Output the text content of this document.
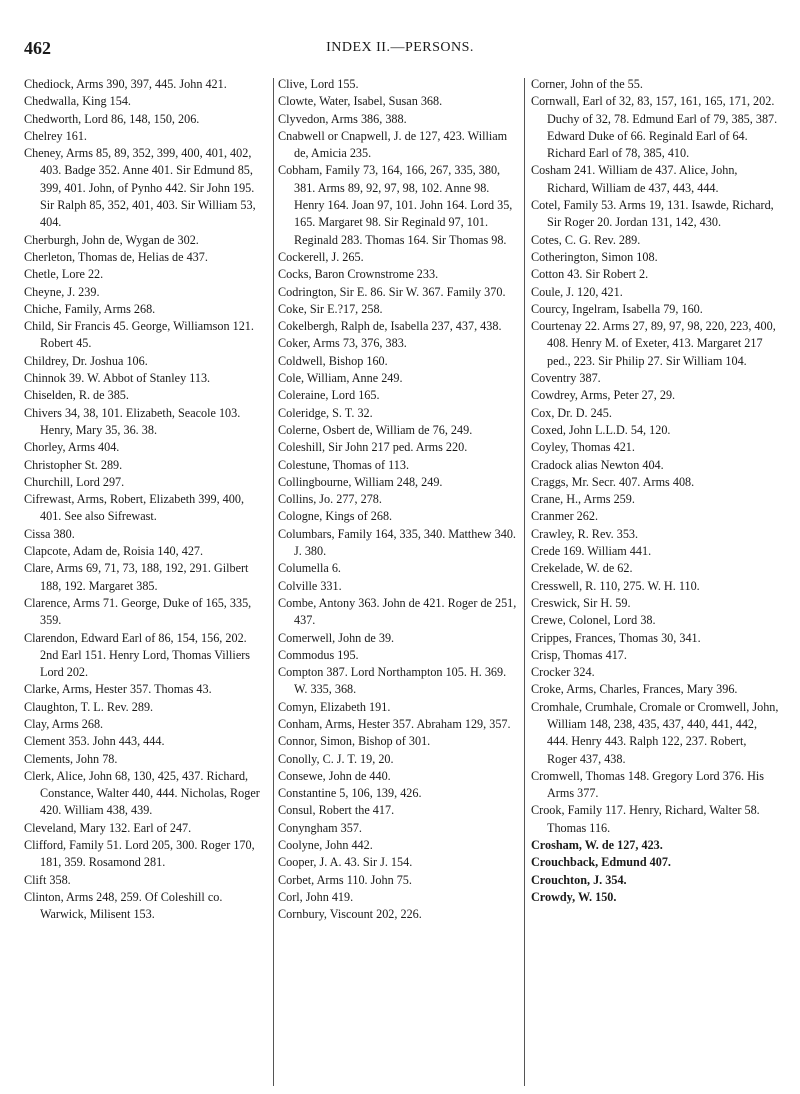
462	INDEX II.—PERSONS.

Chediock, Arms 390, 397, 445. John 421.

Chedwalla, King 154.

Chedworth, Lord 86, 148, 150, 206.

Chelrey 161.

Cheney, Arms 85, 89, 352, 399, 400, 401, 402, 403. Badge 352. Anne 401. Sir Edmund 85, 399, 401. John, of Pynho 442. Sir John 195. Sir Ralph 85, 352, 401, 403. Sir William 53, 404.

Cherburgh, John de, Wygan de 302.

Cherleton, Thomas de, Helias de 437.

Chetle, Lore 22.

Cheyne, J. 239.

Chiche, Family, Arms 268.

Child, Sir Francis 45. George, Williamson 121. Robert 45.

Childrey, Dr. Joshua 106.

Chinnok 39. W. Abbot of Stanley 113.

Chiselden, R. de 385.

Chivers 34, 38, 101. Elizabeth, Seacole 103. Henry, Mary 35, 36. 38.

Chorley, Arms 404.

Christopher St. 289.

Churchill, Lord 297.

Cifrewast, Arms, Robert, Elizabeth 399, 400, 401. See also Sifrewast.

Cissa 380.

Clapcote, Adam de, Roisia 140, 427.

Clare, Arms 69, 71, 73, 188, 192, 291. Gilbert 188, 192. Margaret 385.

Clarence, Arms 71. George, Duke of 165, 335, 359.

Clarendon, Edward Earl of 86, 154, 156, 202. 2nd Earl 151. Henry Lord, Thomas Villiers Lord 202.

Clarke, Arms, Hester 357. Thomas 43.

Claughton, T. L. Rev. 289.

Clay, Arms 268.

Clement 353. John 443, 444.

Clements, John 78.

Clerk, Alice, John 68, 130, 425, 437. Richard, Constance, Walter 440, 444. Nicholas, Roger 420. William 438, 439.

Cleveland, Mary 132. Earl of 247.

Clifford, Family 51. Lord 205, 300. Roger 170, 181, 359. Rosamond 281.

Clift 358.

Clinton, Arms 248, 259. Of Coleshill co. Warwick, Milisent 153.

Clive, Lord 155.

Clowte, Water, Isabel, Susan 368.

Clyvedon, Arms 386, 388.

Cnabwell or Cnapwell, J. de 127, 423. William de, Amicia 235.

Cobham, Family 73, 164, 166, 267, 335, 380, 381. Arms 89, 92, 97, 98, 102. Anne 98. Henry 164. Joan 97, 101. John 164. Lord 35, 165. Margaret 98. Sir Reginald 97, 101. Reginald 283. Thomas 164. Sir Thomas 98.

Cockerell, J. 265.

Cocks, Baron Crownstrome 233.

Codrington, Sir E. 86. Sir W. 367. Family 370.

Coke, Sir E.?17, 258.

Cokelbergh, Ralph de, Isabella 237, 437, 438.

Coker, Arms 73, 376, 383.

Coldwell, Bishop 160.

Cole, William, Anne 249.

Coleraine, Lord 165.

Coleridge, S. T. 32.

Colerne, Osbert de, William de 76, 249.

Coleshill, Sir John 217 ped. Arms 220.

Colestune, Thomas of 113.

Collingbourne, William 248, 249.

Collins, Jo. 277, 278.

Cologne, Kings of 268.

Columbars, Family 164, 335, 340. Matthew 340. J. 380.

Columella 6.

Colville 331.

Combe, Antony 363. John de 421. Roger de 251, 437.

Comerwell, John de 39.

Commodus 195.

Compton 387. Lord Northampton 105. H. 369. W. 335, 368.

Comyn, Elizabeth 191.

Conham, Arms, Hester 357. Abraham 129, 357.

Connor, Simon, Bishop of 301.

Conolly, C. J. T. 19, 20.

Consewe, John de 440.

Constantine 5, 106, 139, 426.

Consul, Robert the 417.

Conyngham 357.

Coolyne, John 442.

Cooper, J. A. 43. Sir J. 154.

Corbet, Arms 110. John 75.

Corl, John 419.

Cornbury, Viscount 202, 226.

Corner, John of the 55.

Cornwall, Earl of 32, 83, 157, 161, 165, 171, 202. Duchy of 32, 78. Edmund Earl of 79, 385, 387. Edward Duke of 66. Reginald Earl of 64. Richard Earl of 78, 385, 410.

Cosham 241. William de 437. Alice, John, Richard, William de 437, 443, 444.

Cotel, Family 53. Arms 19, 131. Isawde, Richard, Sir Roger 20. Jordan 131, 142, 430.

Cotes, C. G. Rev. 289.

Cotherington, Simon 108.

Cotton 43. Sir Robert 2.

Coule, J. 120, 421.

Courcy, Ingelram, Isabella 79, 160.

Courtenay 22. Arms 27, 89, 97, 98, 220, 223, 400, 408. Henry M. of Exeter, 413. Margaret 217 ped., 223. Sir Philip 27. Sir William 104.

Coventry 387.

Cowdrey, Arms, Peter 27, 29.

Cox, Dr. D. 245.

Coxed, John L.L.D. 54, 120.

Coyley, Thomas 421.

Cradock alias Newton 404.

Craggs, Mr. Secr. 407. Arms 408.

Crane, H., Arms 259.

Cranmer 262.

Crawley, R. Rev. 353.

Crede 169. William 441.

Crekelade, W. de 62.

Cresswell, R. 110, 275. W. H. 110.

Creswick, Sir H. 59.

Crewe, Colonel, Lord 38.

Crippes, Frances, Thomas 30, 341.

Crisp, Thomas 417.

Crocker 324.

Croke, Arms, Charles, Frances, Mary 396.

Cromhale, Crumhale, Cromale or Cromwell, John, William 148, 238, 435, 437, 440, 441, 442, 444. Henry 443. Ralph 122, 237. Robert, Roger 437, 438.

Cromwell, Thomas 148. Gregory Lord 376. His Arms 377.

Crook, Family 117. Henry, Richard, Walter 58. Thomas 116.

Crosham, W. de 127, 423.

Crouchback, Edmund 407.

Crouchton, J. 354.

Crowdy, W. 150.
